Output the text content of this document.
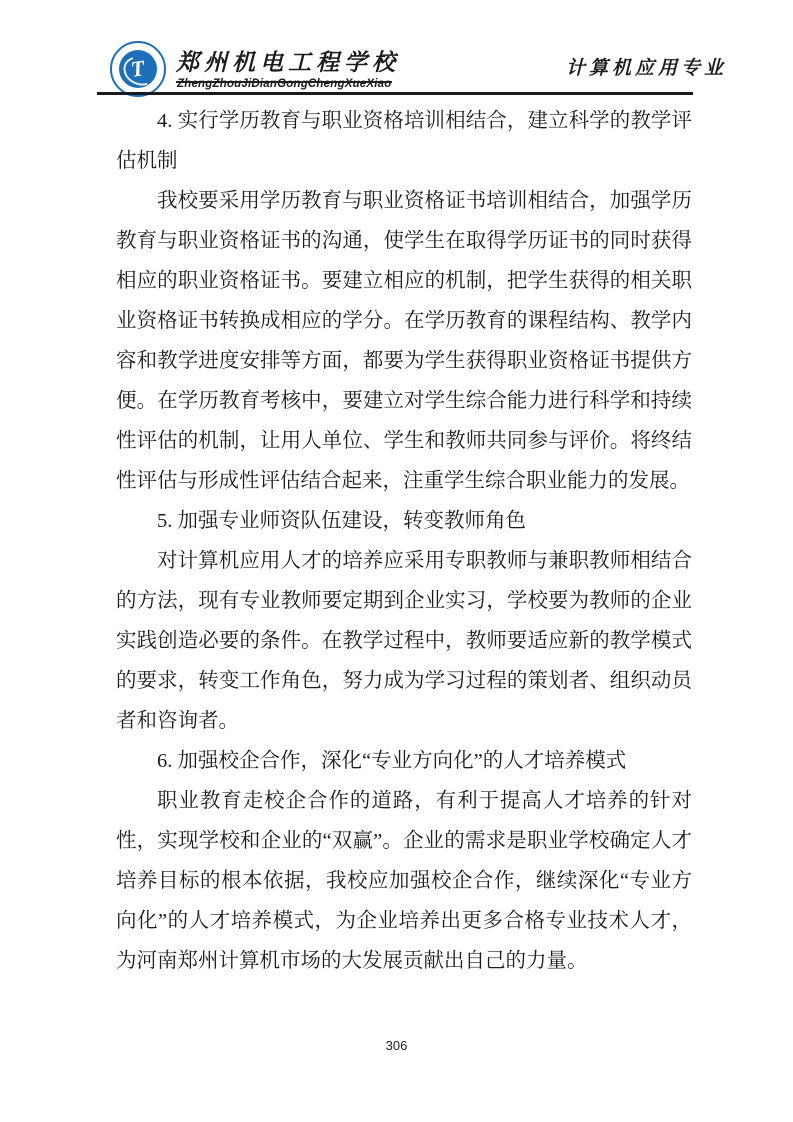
T 郑州机电工程学校
ZhengZhouJiDianGongChengXueXiao
计算机应用专业

4. 实行学历教育与职业资格培训相结合，建立科学的教学评估机制

我校要采用学历教育与职业资格证书培训相结合，加强学历教育与职业资格证书的沟通，使学生在取得学历证书的同时获得相应的职业资格证书。要建立相应的机制，把学生获得的相关职业资格证书转换成相应的学分。在学历教育的课程结构、教学内容和教学进度安排等方面，都要为学生获得职业资格证书提供方便。在学历教育考核中，要建立对学生综合能力进行科学和持续性评估的机制，让用人单位、学生和教师共同参与评价。将终结性评估与形成性评估结合起来，注重学生综合职业能力的发展。

5. 加强专业师资队伍建设，转变教师角色

对计算机应用人才的培养应采用专职教师与兼职教师相结合的方法，现有专业教师要定期到企业实习，学校要为教师的企业实践创造必要的条件。在教学过程中，教师要适应新的教学模式的要求，转变工作角色，努力成为学习过程的策划者、组织动员者和咨询者。

6. 加强校企合作，深化“专业方向化”的人才培养模式

职业教育走校企合作的道路，有利于提高人才培养的针对性，实现学校和企业的“双赢”。企业的需求是职业学校确定人才培养目标的根本依据，我校应加强校企合作，继续深化“专业方向化”的人才培养模式，为企业培养出更多合格专业技术人才，为河南郑州计算机市场的大发展贡献出自己的力量。

306
